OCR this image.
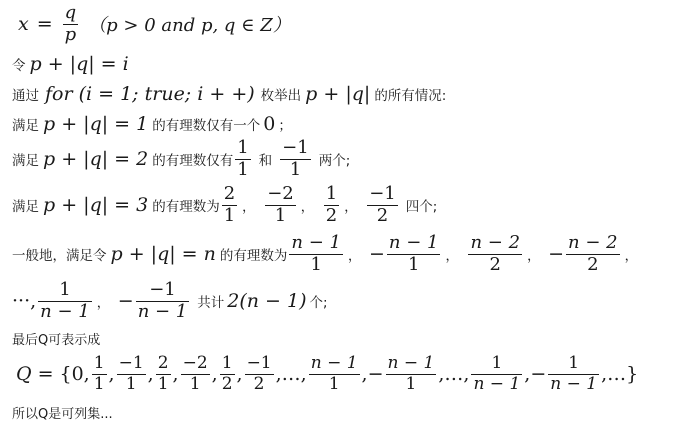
$x = \frac{q}{p} (p > 0$ and p, q ∈ Z）
令 p + |q| = i
通过 for (i = 1; true; i + +) 枚举出 p + |q| 的所有情况:
满足 p + |q| = 1 的有理数仅有一个 0 ；
满足 p + |q| = 2 的有理数仅有 $\frac{1}{1}$ 和 $\frac{-1}{1}$ 两个;
满足 p + |q| = 3 的有理数为 $\frac{2}{1}$ ， $\frac{-2}{1}$ ， $\frac{1}{2}$ ， $\frac{-1}{2}$ 四个;
一般地，满足令 p + |q| = n 的有理数为 $\frac{n - 1}{1}$ ， − $\frac{n - 1}{1}$ ， $\frac{n - 2}{2}$ ， − $\frac{n - 2}{2}$ ，
···, $\frac{1}{n - 1}$ ， − $\frac{-1}{n - 1}$ 共计 2(n − 1) 个;
最后Q可表示成
Q = {0, $\frac{1}{1}$ , $\frac{-1}{1}$ , $\frac{2}{1}$ , $\frac{-2}{1}$ , $\frac{1}{2}$ , $\frac{-1}{2}$ , …, $\frac{n - 1}{1}$ , − $\frac{n - 1}{1}$ , …, $\frac{1}{n - 1}$ , − $\frac{1}{n - 1}$ , …}
所以Q是可列集...
